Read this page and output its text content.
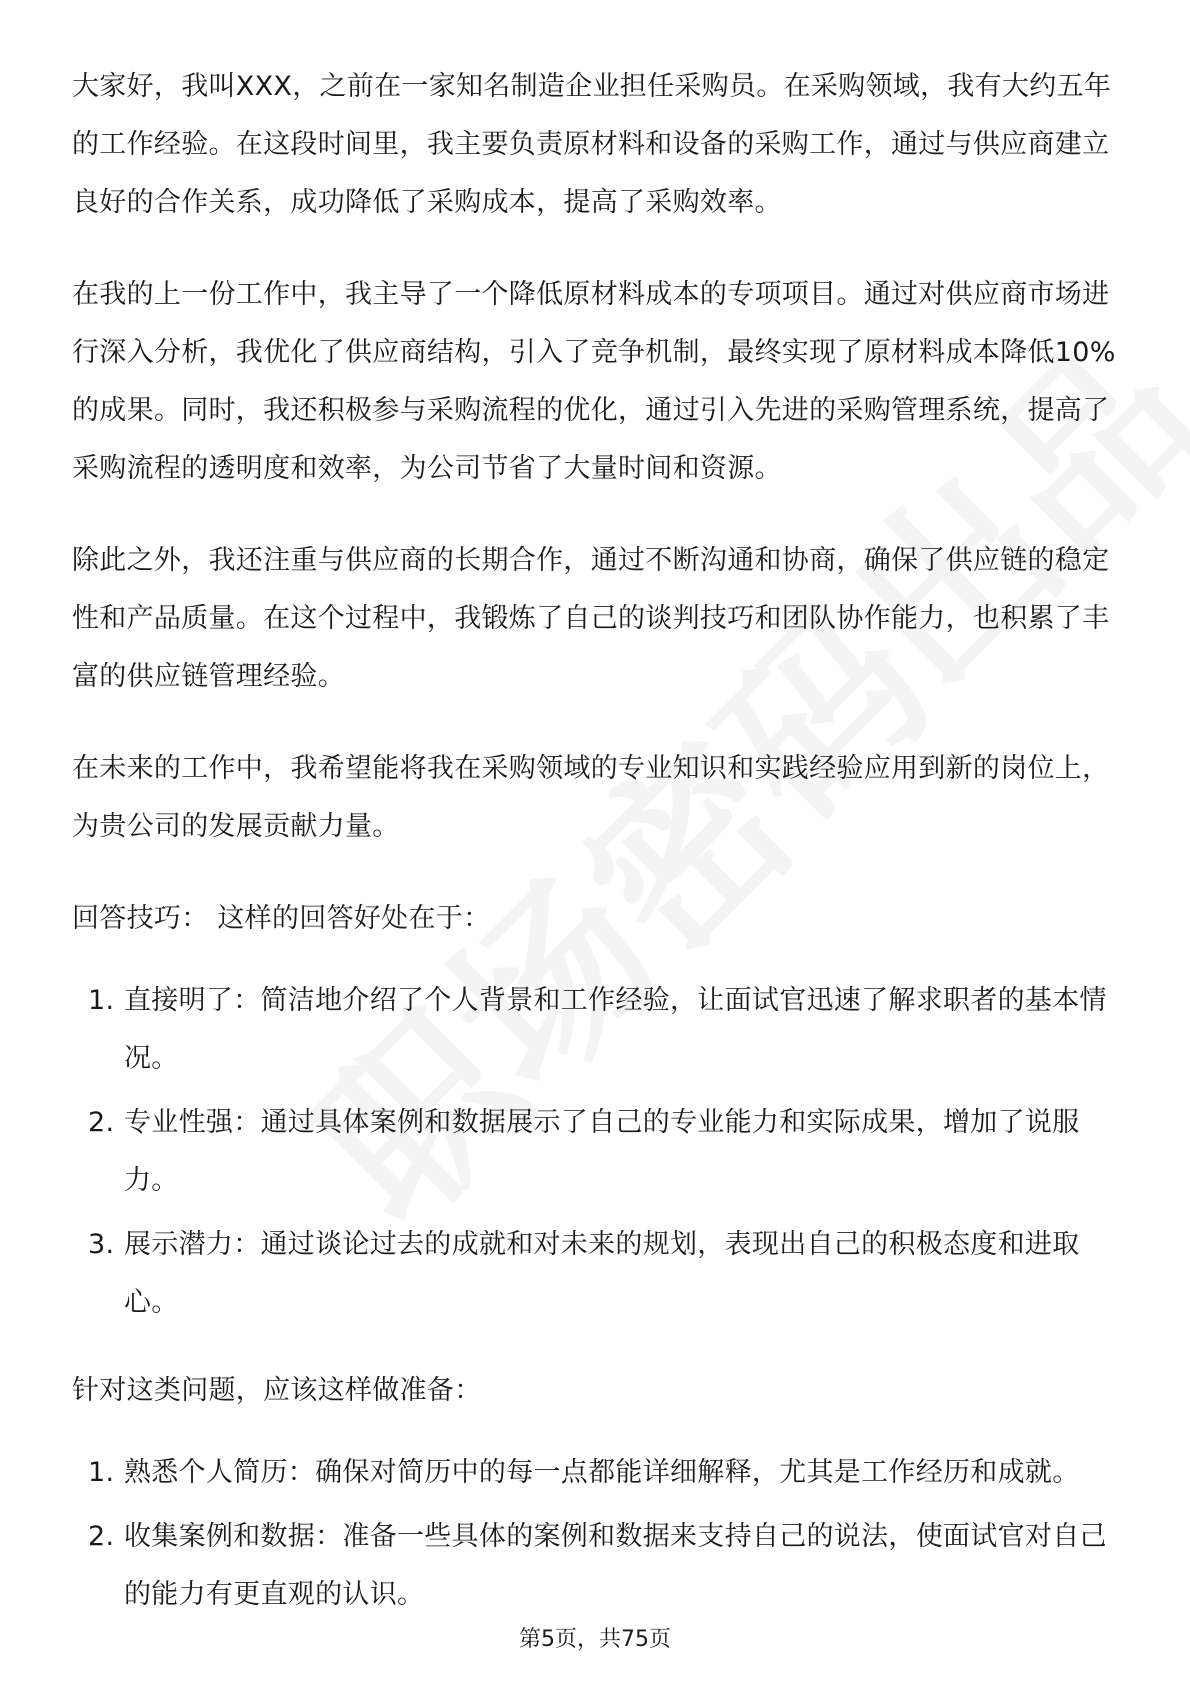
大家好，我叫XXX，之前在一家知名制造企业担任采购员。在采购领域，我有大约五年的工作经验。在这段时间里，我主要负责原材料和设备的采购工作，通过与供应商建立良好的合作关系，成功降低了采购成本，提高了采购效率。

在我的上一份工作中，我主导了一个降低原材料成本的专项项目。通过对供应商市场进行深入分析，我优化了供应商结构，引入了竞争机制，最终实现了原材料成本降低10%的成果。同时，我还积极参与采购流程的优化，通过引入先进的采购管理系统，提高了采购流程的透明度和效率，为公司节省了大量时间和资源。

除此之外，我还注重与供应商的长期合作，通过不断沟通和协商，确保了供应链的稳定性和产品质量。在这个过程中，我锻炼了自己的谈判技巧和团队协作能力，也积累了丰富的供应链管理经验。

在未来的工作中，我希望能将我在采购领域的专业知识和实践经验应用到新的岗位上，为贵公司的发展贡献力量。

回答技巧： 这样的回答好处在于：

1. 直接明了：简洁地介绍了个人背景和工作经验，让面试官迅速了解求职者的基本情况。
2. 专业性强：通过具体案例和数据展示了自己的专业能力和实际成果，增加了说服力。
3. 展示潜力：通过谈论过去的成就和对未来的规划，表现出自己的积极态度和进取心。

针对这类问题，应该这样做准备：

1. 熟悉个人简历：确保对简历中的每一点都能详细解释，尤其是工作经历和成就。
2. 收集案例和数据：准备一些具体的案例和数据来支持自己的说法，使面试官对自己的能力有更直观的认识。
第5页，共75页
